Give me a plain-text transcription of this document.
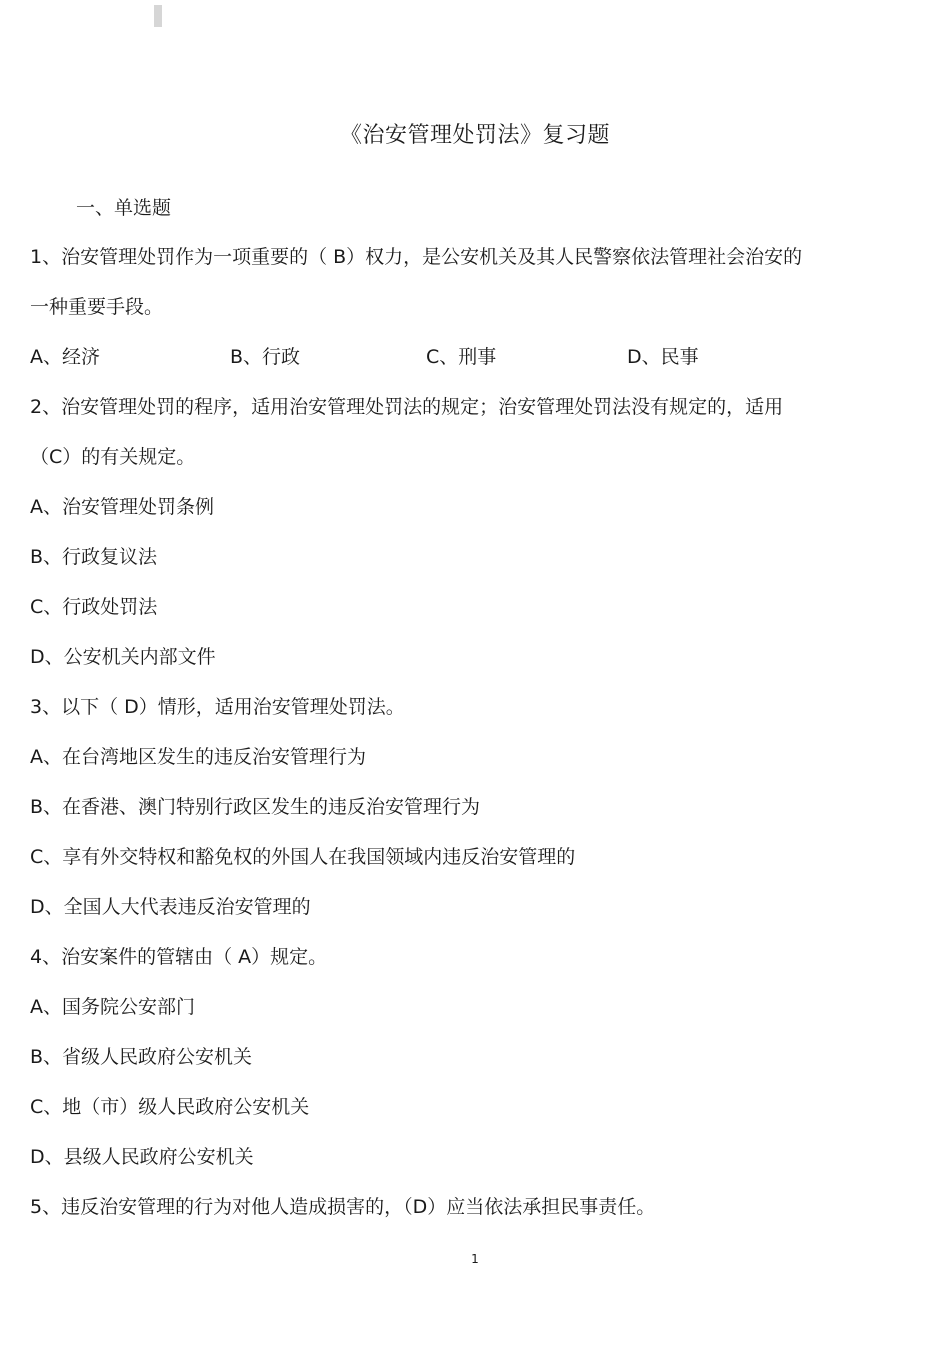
《治安管理处罚法》复习题
一、单选题
1、治安管理处罚作为一项重要的（ B）权力，是公安机关及其人民警察依法管理社会治安的
一种重要手段。
A、经济	B、行政	C、刑事	D、民事
2、治安管理处罚的程序，适用治安管理处罚法的规定；治安管理处罚法没有规定的，适用
（C）的有关规定。
A、治安管理处罚条例
B、行政复议法
C、行政处罚法
D、公安机关内部文件
3、以下（ D）情形，适用治安管理处罚法。
A、在台湾地区发生的违反治安管理行为
B、在香港、澳门特别行政区发生的违反治安管理行为
C、享有外交特权和豁免权的外国人在我国领域内违反治安管理的
D、全国人大代表违反治安管理的
4、治安案件的管辖由（ A）规定。
A、国务院公安部门
B、省级人民政府公安机关
C、地（市）级人民政府公安机关
D、县级人民政府公安机关
5、违反治安管理的行为对他人造成损害的，（D）应当依法承担民事责任。
1
